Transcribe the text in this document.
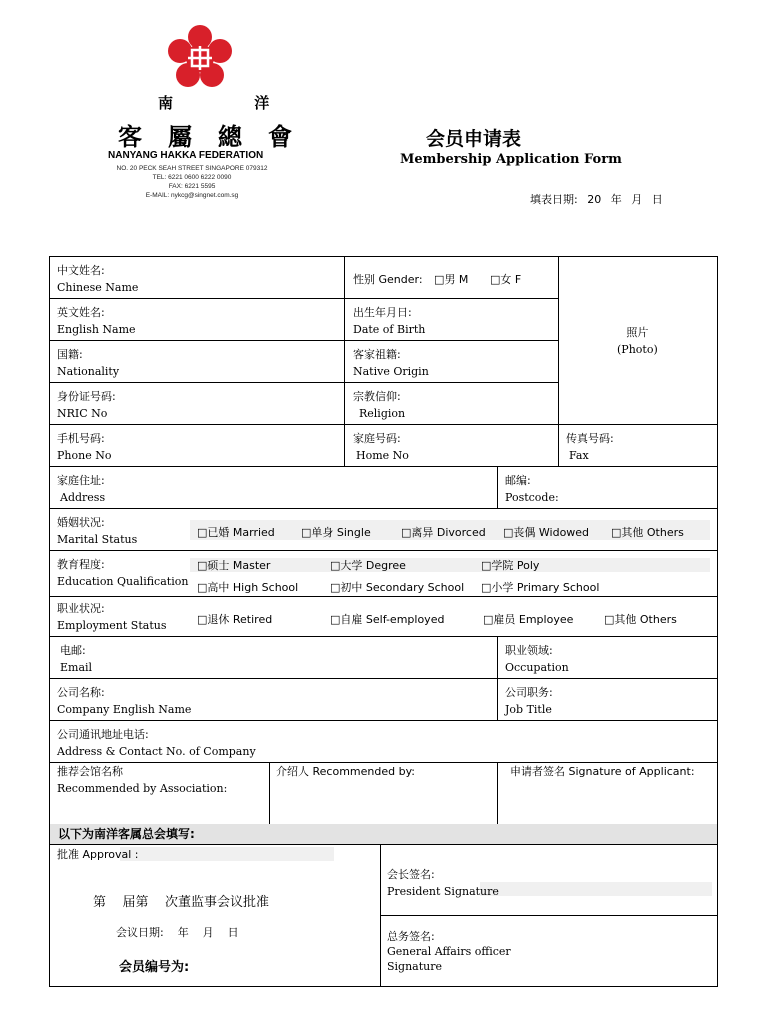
南 洋
客屬總會
NANYANG HAKKA FEDERATION
NO. 20 PECK SEAH STREET SINGAPORE 079312
TEL: 6221 0600 6222 0090
FAX: 6221 5595
E-MAIL: nykcg@singnet.com.sg
会员申请表
Membership Application Form
填表日期: 20 年 月 日
中文姓名:
Chinese Name
性别 Gender: □男 M □女 F
照片
(Photo)
英文姓名:
English Name
出生年月日:
Date of Birth
国籍:
Nationality
客家祖籍:
Native Origin
身份证号码:
NRIC No
宗教信仰:
Religion
手机号码:
Phone No
家庭号码:
Home No
传真号码:
Fax
家庭住址:
Address
邮编:
Postcode:
婚姻状况:
Marital Status
□已婚 Married □单身 Single	□离异 Divorced □丧偶 Widowed □其他 Others
教育程度:
Education Qualification
□硕士 Master	□大学 Degree	□学院 Poly
□高中 High School	□初中 Secondary School □小学 Primary School
职业状况:
Employment Status	□退休 Retired	□自雇 Self-employed	□雇员 Employee	□其他 Others
电邮:
Email
职业领域:
Occupation
公司名称:
Company English Name
公司职务:
Job Title
公司通讯地址电话:
Address & Contact No. of Company
推荐会馆名称
Recommended by Association:
介绍人 Recommended by:	申请者签名 Signature of Applicant:
以下为南洋客属总会填写:
批准 Approval :
第    届第    次董监事会议批准
会议日期:    年    月    日
会员编号为:
会长签名:
President Signature
总务签名:
General Affairs officer
Signature
